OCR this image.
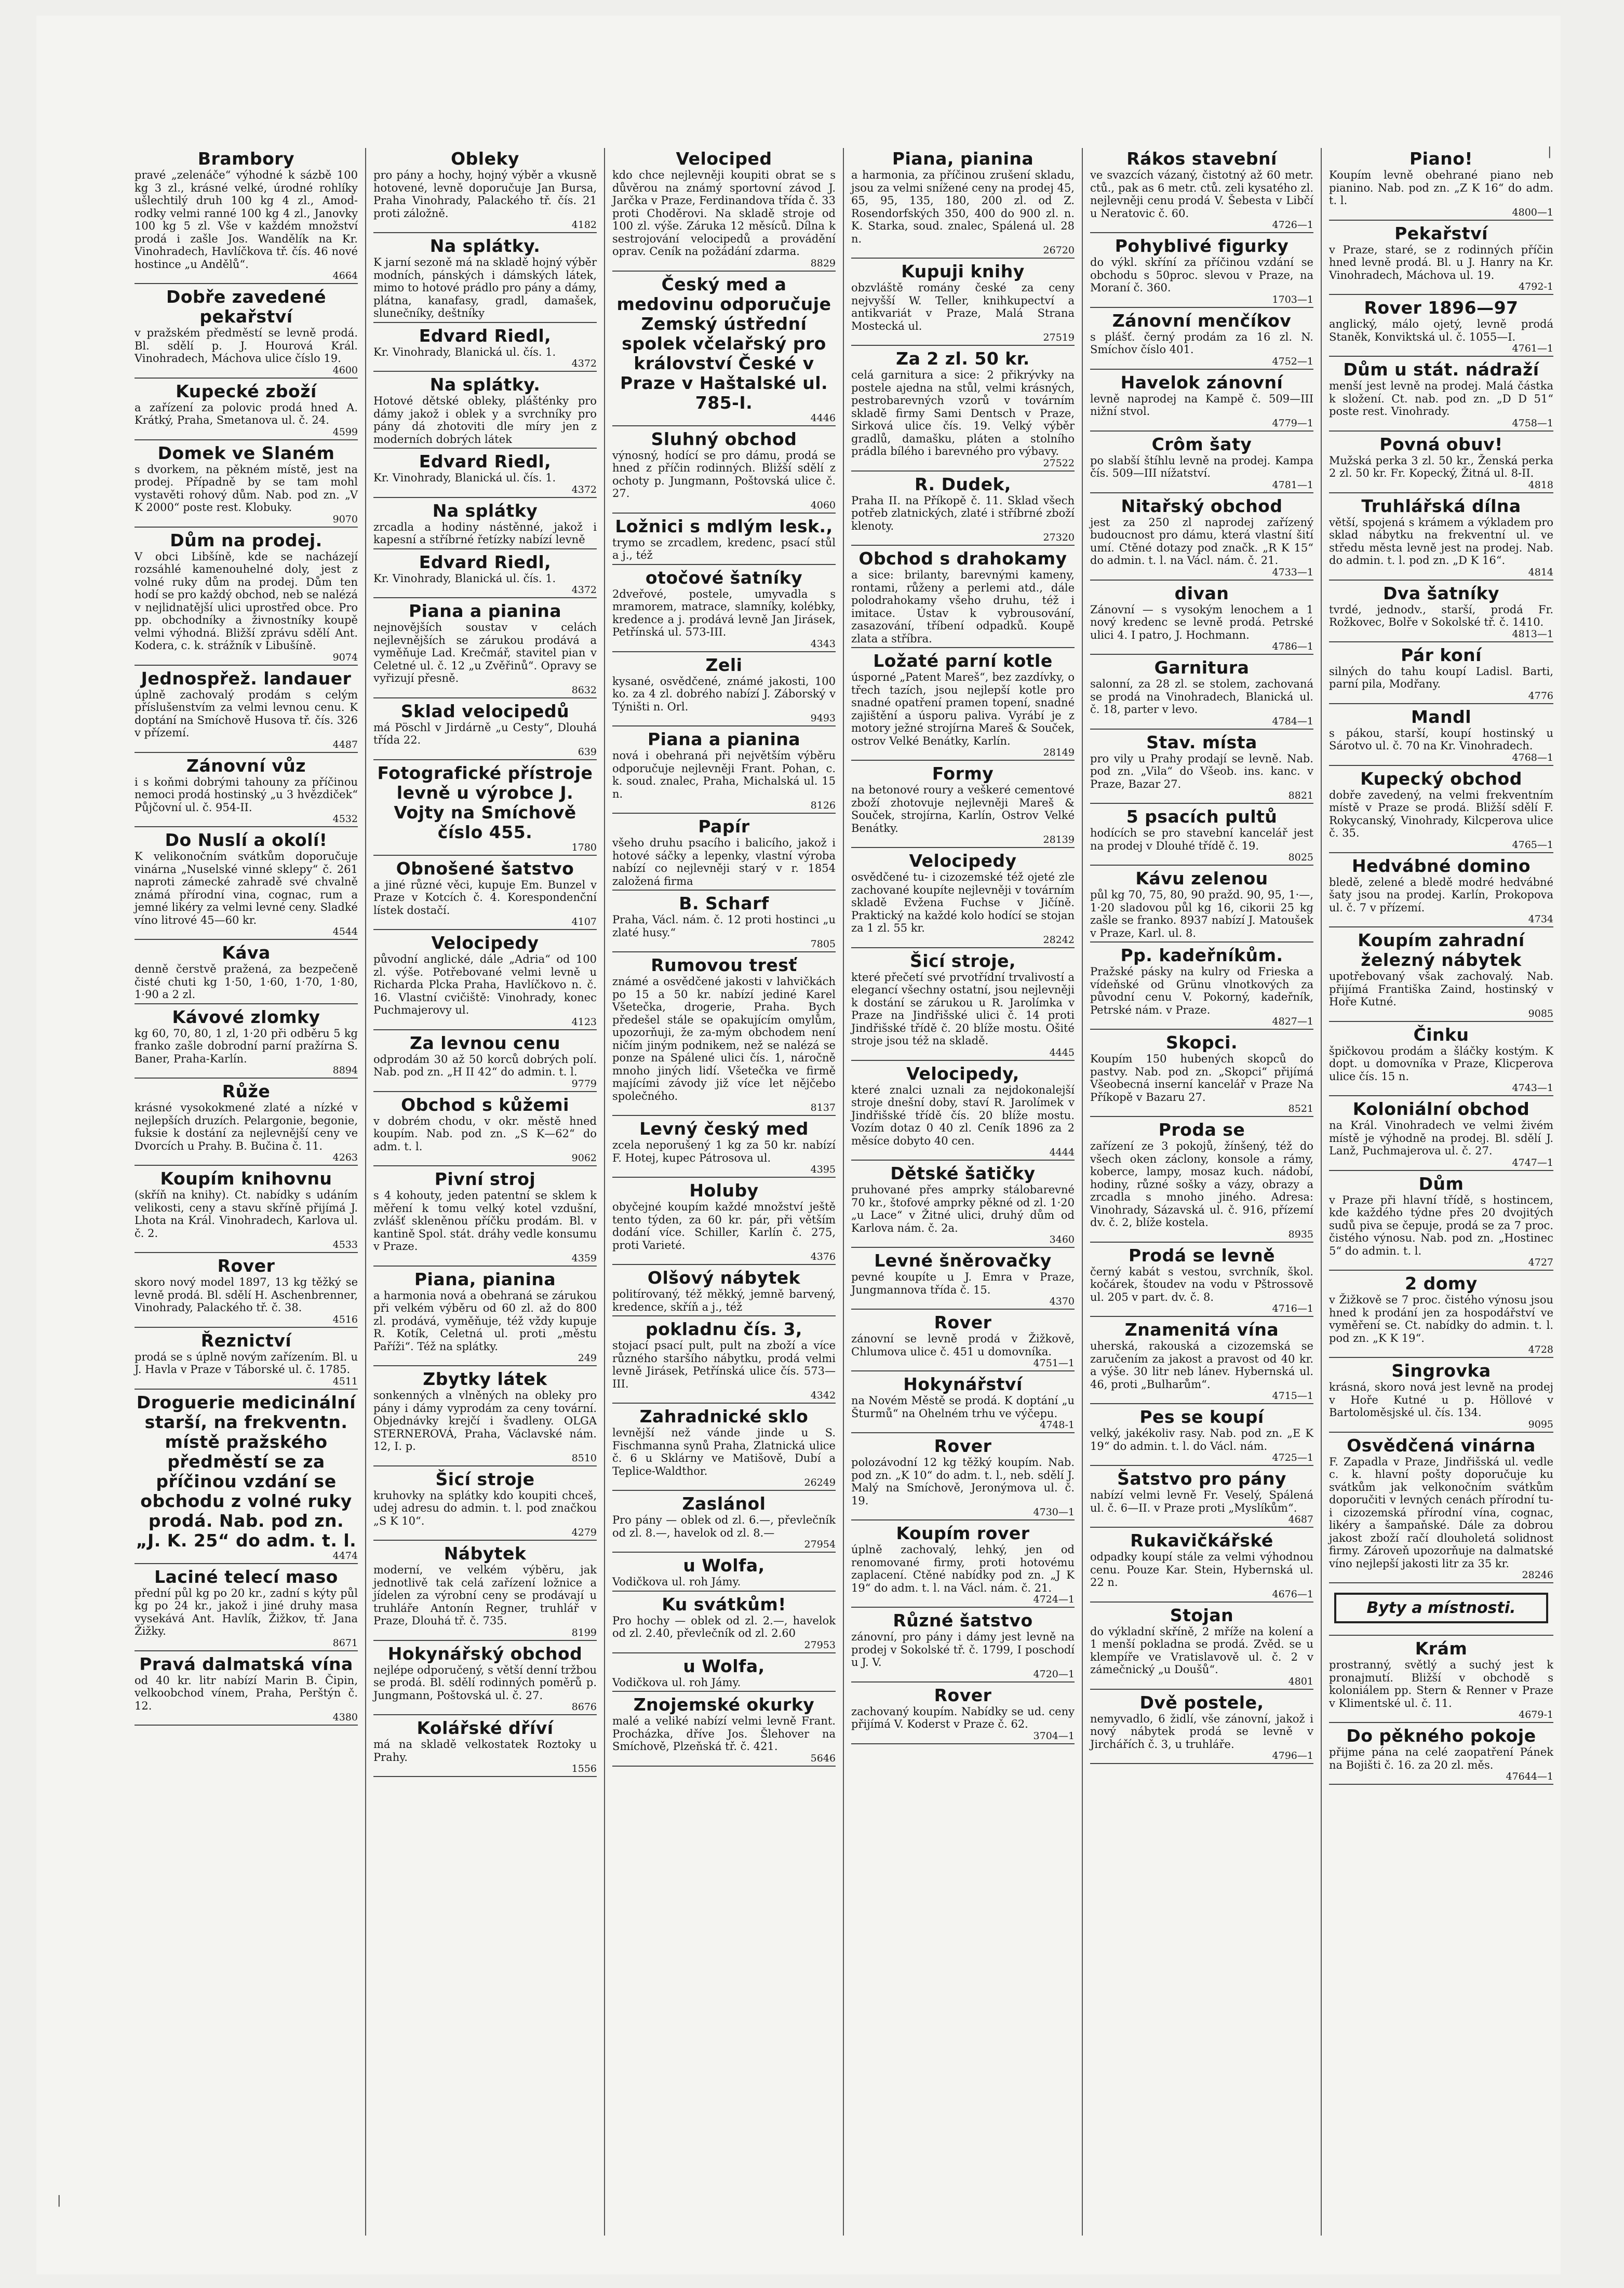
|
|
Brambory

pravé „zelenáče“ výhodné k sázbě 100 kg 3 zl., krásné velké, úrodné rohlíky ušlechtilý druh 100 kg 4 zl., Amod-rodky velmi ranné 100 kg 4 zl., Janovky 100 kg 5 zl. Vše v každém množství prodá i zašle Jos. Wandělík na Kr. Vinohradech, Havlíčkova tř. čís. 46 nové hostince „u Andělů“.

4664
Dobře zavedené pekařství

v pražském předměstí se levně prodá. Bl. sdělí p. J. Hourová Král. Vinohradech, Máchova ulice číslo 19.

4600
Kupecké zboží

a zařízení za polovic prodá hned A. Krátký, Praha, Smetanova ul. č. 24.

4599
Domek ve Slaném

s dvorkem, na pěkném místě, jest na prodej. Případně by se tam mohl vystavěti rohový dům. Nab. pod zn. „V K 2000“ poste rest. Klobuky.

9070
Dům na prodej.

V obci Libšíně, kde se nacházejí rozsáhlé kamenouhelné doly, jest z volné ruky dům na prodej. Dům ten hodí se pro každý obchod, neb se nalézá v nejlidnatější ulici uprostřed obce. Pro pp. obchodníky a živnostníky koupě velmi výhodná. Bližší zprávu sdělí Ant. Kodera, c. k. strážník v Libušíně.

9074
Jednospřež. landauer

úplně zachovalý prodám s celým příslušenstvím za velmi levnou cenu. K doptání na Smíchově Husova tř. čís. 326 v přízemí.

4487
Zánovní vůz

i s koňmi dobrými tahouny za příčinou nemoci prodá hostinský „u 3 hvězdiček“ Půjčovní ul. č. 954-II.

4532
Do Nuslí a okolí!

K velikonočním svátkům doporučuje vinárna „Nuselské vinné sklepy“ č. 261 naproti zámecké zahradě své chvalně známá přírodní vina, cognac, rum a jemné likéry za velmi levné ceny. Sladké víno litrové 45—60 kr.

4544
Káva

denně čerstvě pražená, za bezpečeně čisté chuti kg 1·50, 1·60, 1·70, 1·80, 1·90 a 2 zl.

Kávové zlomky

kg 60, 70, 80, 1 zl, 1·20 při odběru 5 kg franko zašle dobrodní parní pražírna S. Baner, Praha-Karlín.

8894
Růže

krásné vysokokmené zlaté a nízké v nejlepších druzích. Pelargonie, begonie, fuksie k dostání za nejlevnější ceny ve Dvorcích u Prahy. B. Bučina č. 11.

4263
Koupím knihovnu

(skříň na knihy). Ct. nabídky s udáním velikosti, ceny a stavu skříně přijímá J. Lhota na Král. Vinohradech, Karlova ul. č. 2.

4533
Rover

skoro nový model 1897, 13 kg těžký se levně prodá. Bl. sdělí H. Aschenbrenner, Vinohrady, Palackého tř. č. 38.

4516
Řeznictví

prodá se s úplně novým zařízením. Bl. u J. Havla v Praze v Táborské ul. č. 1785.

4511
Droguerie medicinální starší, na frekventn. místě pražského předměstí se za příčinou vzdání se obchodu z volné ruky prodá. Nab. pod zn. „J. K. 25“ do adm. t. l.
4474
Laciné telecí maso

přední půl kg po 20 kr., zadní s kýty půl kg po 24 kr., jakož i jiné druhy masa vysekává Ant. Havlík, Žižkov, tř. Jana Žižky.

8671
Pravá dalmatská vína

od 40 kr. litr nabízí Marin B. Čipin, velkoobchod vínem, Praha, Perštýn č. 12.

4380
Obleky

pro pány a hochy, hojný výběr a vkusně hotovené, levně doporučuje Jan Bursa, Praha Vinohrady, Palackého tř. čís. 21 proti záložně.

4182
Na splátky.

K jarní sezoně má na skladě hojný výběr modních, pánských i dámských látek, mimo to hotové prádlo pro pány a dámy, plátna, kanafasy, gradl, damašek, slunečníky, deštníky

Edvard Riedl,

Kr. Vinohrady, Blanická ul. čís. 1.

4372
Na splátky.

Hotové dětské obleky, plášténky pro dámy jakož i oblek y a svrchníky pro pány dá zhotoviti dle míry jen z moderních dobrých látek

Edvard Riedl,

Kr. Vinohrady, Blanická ul. čís. 1.

4372
Na splátky

zrcadla a hodiny nástěnné, jakož i kapesní a stříbrné řetízky nabízí levně

Edvard Riedl,

Kr. Vinohrady, Blanická ul. čís. 1.

4372
Piana a pianina

nejnovějších soustav v celách nejlevnějších se zárukou prodává a vyměňuje Lad. Krečmář, stavitel pian v Celetné ul. č. 12 „u Zvěřinů“. Opravy se vyřizují přesně.

8632
Sklad velocipedů

má Pöschl v Jirdárně „u Cesty“, Dlouhá třída 22.

639
Fotografické přístroje levně u výrobce J. Vojty na Smíchově číslo 455.
1780
Obnošené šatstvo

a jiné různé věci, kupuje Em. Bunzel v Praze v Kotcích č. 4. Korespondenční lístek dostačí.

4107
Velocipedy

původní anglické, dále „Adria“ od 100 zl. výše. Potřebované velmi levně u Richarda Plcka Praha, Havlíčkovo n. č. 16. Vlastní cvičiště: Vinohrady, konec Puchmajerovy ul.

4123
Za levnou cenu

odprodám 30 až 50 korců dobrých polí. Nab. pod zn. „H II 42“ do admin. t. l.

9779
Obchod s kůžemi

v dobrém chodu, v okr. městě hned koupím. Nab. pod zn. „S K—62“ do adm. t. l.

9062
Pivní stroj

s 4 kohouty, jeden patentní se sklem k měření k tomu velký kotel vzdušní, zvlášť skleněnou příčku prodám. Bl. v kantině Spol. stát. dráhy vedle konsumu v Praze.

4359
Piana, pianina

a harmonia nová a obehraná se zárukou při velkém výběru od 60 zl. až do 800 zl. prodává, vyměňuje, též vždy kupuje R. Kotík, Celetná ul. proti „městu Paříži“. Též na splátky.

249
Zbytky látek

sonkenných a vlněných na obleky pro pány i dámy vyprodám za ceny tovární. Objednávky krejčí i švadleny. OLGA STERNEROVÁ, Praha, Václavské nám. 12, I. p.

8510
Šicí stroje

kruhovky na splátky kdo koupiti chceš, udej adresu do admin. t. l. pod značkou „S K 10“.

4279
Nábytek

moderní, ve velkém výběru, jak jednotlivě tak celá zařízení ložnice a jídelen za výrobní ceny se prodávají u truhláře Antonín Regner, truhlář v Praze, Dlouhá tř. č. 735.

8199
Hokynářský obchod

nejlépe odporučený, s větší denní tržbou se prodá. Bl. sdělí rodinných poměrů p. Jungmann, Poštovská ul. č. 27.

8676
Kolářské dříví

má na skladě velkostatek Roztoky u Prahy.

1556
Velociped

kdo chce nejlevněji koupiti obrat se s důvěrou na známý sportovní závod J. Jarčka v Praze, Ferdinandova třída č. 33 proti Choděrovi. Na skladě stroje od 100 zl. výše. Záruka 12 měsíců. Dílna k sestrojování velocipedů a provádění oprav. Ceník na požádání zdarma.

8829
Český med a medovinu odporučuje Zemský ústřední spolek včelařský pro království České v Praze v Haštalské ul. 785-I.
4446
Sluhný obchod

výnosný, hodící se pro dámu, prodá se hned z příčin rodinných. Bližší sdělí z ochoty p. Jungmann, Poštovská ulice č. 27.

4060
Ložnici s mdlým lesk.,

trymo se zrcadlem, kredenc, psací stůl a j., též

otočové šatníky

2dveřové, postele, umyvadla s mramorem, matrace, slamníky, kolébky, kredence a j. prodává levně Jan Jirásek, Petřínská ul. 573-III.

4343
Zeli

kysané, osvědčené, známé jakosti, 100 ko. za 4 zl. dobrého nabízí J. Záborský v Týništi n. Orl.

9493
Piana a pianina

nová i obehraná při největším výběru odporučuje nejlevněji Frant. Pohan, c. k. soud. znalec, Praha, Michalská ul. 15 n.

8126
Papír

všeho druhu psacího i balicího, jakož i hotové sáčky a lepenky, vlastní výroba nabízí co nejlevněji starý v r. 1854 založená firma

B. Scharf

Praha, Václ. nám. č. 12 proti hostinci „u zlaté husy.“

7805
Rumovou tresť

známé a osvědčené jakosti v lahvičkách po 15 a 50 kr. nabízí jediné Karel Všetečka, drogerie, Praha. Bych předešel stále se opakujícím omylům, upozorňuji, že za-mým obchodem není ničím jiným podnikem, než se nalézá se ponze na Spálené ulici čís. 1, náročně mnoho jiných lidí. Všetečka ve firmě majícími závody již více let nějčebo společného.

8137
Levný český med

zcela neporušený 1 kg za 50 kr. nabízí F. Hotej, kupec Pátrosova ul.

4395
Holuby

obyčejné koupím každé množství ještě tento týden, za 60 kr. pár, při větším dodání více. Schiller, Karlín č. 275, proti Varieté.

4376
Olšový nábytek

politírovaný, též měkký, jemně barvený, kredence, skříň a j., též

pokladnu čís. 3,

stojací psací pult, pult na zboží a více různého staršího nábytku, prodá velmi levně Jirásek, Petřínská ulice čís. 573—III.

4342
Zahradnické sklo

levnější než vánde jinde u S. Fischmanna synů Praha, Zlatnická ulice č. 6 u Sklárny ve Matišově, Dubí a Teplice-Waldthor.

26249
Zaslánol

Pro pány — oblek od zl. 6.—, převlečník od zl. 8.—, havelok od zl. 8.—

27954
u Wolfa,

Vodičkova ul. roh Jámy.

Ku svátkům!

Pro hochy — oblek od zl. 2.—, havelok od zl. 2.40, převlečník od zl. 2.60

27953
u Wolfa,

Vodičkova ul. roh Jámy.

Znojemské okurky

malé a veliké nabízí velmi levně Frant. Procházka, dříve Jos. Šlehover na Smíchově, Plzeňská tř. č. 421.

5646
Piana, pianina

a harmonia, za příčinou zrušení skladu, jsou za velmi snížené ceny na prodej 45, 65, 95, 135, 180, 200 zl. od Z. Rosendorfských 350, 400 do 900 zl. n. K. Starka, soud. znalec, Spálená ul. 28 n.

26720
Kupuji knihy

obzvláště romány české za ceny nejvyšší W. Teller, knihkupectví a antikvariát v Praze, Malá Strana Mostecká ul.

27519
Za 2 zl. 50 kr.

celá garnitura a sice: 2 přikrývky na postele ajedna na stůl, velmi krásných, pestrobarevných vzorů v továrním skladě firmy Sami Dentsch v Praze, Sirková ulice čís. 19. Velký výběr gradlů, damašku, pláten a stolního prádla bílého i barevného pro výbavy.

27522
R. Dudek,

Praha II. na Příkopě č. 11. Sklad všech potřeb zlatnických, zlaté i stříbrné zboží klenoty.

27320
Obchod s drahokamy

a sice: brilanty, barevnými kameny, rontami, růženy a perlemi atd., dále polodrahokamy všeho druhu, též i imitace. Ústav k vybrousování, zasazování, tříbení odpadků. Koupě zlata a stříbra.

Ložaté parní kotle

úsporné „Patent Mareš“, bez zazdívky, o třech tazích, jsou nejlepší kotle pro snadné opatření pramen topení, snadné zajištění a úsporu paliva. Vyrábí je z motory ježné strojírna Mareš & Souček, ostrov Velké Benátky, Karlín.

28149
Formy

na betonové roury a veškeré cementové zboží zhotovuje nejlevněji Mareš & Souček, strojírna, Karlín, Ostrov Velké Benátky.

28139
Velocipedy

osvědčené tu- i cizozemské též ojeté zle zachované koupíte nejlevněji v továrním skladě Evžena Fuchse v Jičíně. Praktický na každé kolo hodící se stojan za 1 zl. 55 kr.

28242
Šicí stroje,

které přečetí své prvotřídní trvalivostí a elegancí všechny ostatní, jsou nejlevněji k dostání se zárukou u R. Jarolímka v Praze na Jindřišské ulici č. 14 proti Jindřišské třídě č. 20 blíže mostu. Ošité stroje jsou též na skladě.

4445
Velocipedy,

které znalci uznali za nejdokonalejší stroje dnešní doby, staví R. Jarolímek v Jindřišské třídě čís. 20 blíže mostu. Vozím dotaz 0 40 zl. Ceník 1896 za 2 měsíce dobyto 40 cen.

4444
Dětské šatičky

pruhované přes amprky stálobarevné 70 kr., štofové amprky pěkné od zl. 1·20 „u Lace“ v Žitné ulici, druhý dům od Karlova nám. č. 2a.

3460
Levné šněrovačky

pevné koupíte u J. Emra v Praze, Jungmannova třída č. 15.

4370
Rover

zánovní se levně prodá v Žižkově, Chlumova ulice č. 451 u domovníka.

4751—1
Hokynářství

na Novém Městě se prodá. K doptání „u Šturmů“ na Ohelném trhu ve výčepu.

4748-1
Rover

polozávodní 12 kg těžký koupím. Nab. pod zn. „K 10“ do adm. t. l., neb. sdělí J. Malý na Smíchově, Jeronýmova ul. č. 19.

4730—1
Koupím rover

úplně zachovalý, lehký, jen od renomované firmy, proti hotovému zaplacení. Ctěné nabídky pod zn. „J K 19“ do adm. t. l. na Václ. nám. č. 21.

4724—1
Různé šatstvo

zánovní, pro pány i dámy jest levně na prodej v Sokolské tř. č. 1799, I poschodí u J. V.

4720—1
Rover

zachovaný koupím. Nabídky se ud. ceny přijímá V. Koderst v Praze č. 62.

3704—1
Rákos stavební

ve svazcích vázaný, čistotný až 60 metr. ctů., pak as 6 metr. ctů. zeli kysatého zl. nejlevněji cenu prodá V. Šebesta v Libčí u Neratovic č. 60.

4726—1
Pohyblivé figurky

do výkl. skříní za příčinou vzdání se obchodu s 50proc. slevou v Praze, na Moraní č. 360.

1703—1
Zánovní menčíkov

s plášť. černý prodám za 16 zl. N. Smíchov číslo 401.

4752—1
Havelok zánovní

levně naprodej na Kampě č. 509—III nižní stvol.

4779—1
Crôm šaty

po slabší štíhlu levně na prodej. Kampa čís. 509—III nížatství.

4781—1
Nitařský obchod

jest za 250 zl naprodej zařízený budoucnost pro dámu, která vlastní šití umí. Ctěné dotazy pod značk. „R K 15“ do admin. t. l. na Václ. nám. č. 21.

4733—1
divan

Zánovní — s vysokým lenochem a 1 nový kredenc se levně prodá. Petrské ulici 4. I patro, J. Hochmann.

4786—1
Garnitura

salonní, za 28 zl. se stolem, zachovaná se prodá na Vinohradech, Blanická ul. č. 18, parter v levo.

4784—1
Stav. místa

pro vily u Prahy prodají se levně. Nab. pod zn. „Vila“ do Všeob. ins. kanc. v Praze, Bazar 27.

8821
5 psacích pultů

hodících se pro stavební kancelář jest na prodej v Dlouhé třídě č. 19.

8025
Kávu zelenou

půl kg 70, 75, 80, 90 pražd. 90, 95, 1·—, 1·20 sladovou půl kg 16, cikorii 25 kg zašle se franko. 8937 nabízí J. Matoušek v Praze, Karl. ul. 8.

Pp. kadeřníkům.

Pražské pásky na kulry od Frieska a vídeňské od Grünu vlnotkových za původní cenu V. Pokorný, kadeřník, Petrské nám. v Praze.

4827—1
Skopci.

Koupím 150 hubených skopců do pastvy. Nab. pod zn. „Skopci“ přijímá Všeobecná inserní kancelář v Praze Na Příkopě v Bazaru 27.

8521
Proda se

zařízení ze 3 pokojů, žínšený, též do všech oken záclony, konsole a rámy, koberce, lampy, mosaz kuch. nádobí, hodiny, různé sošky a vázy, obrazy a zrcadla s mnoho jiného. Adresa: Vinohrady, Sázavská ul. č. 916, přízemí dv. č. 2, blíže kostela.

8935
Prodá se levně

černý kabát s vestou, svrchník, škol. kočárek, štoudev na vodu v Pštrossově ul. 205 v part. dv. č. 8.

4716—1
Znamenitá vína

uherská, rakouská a cizozemská se zaručením za jakost a pravost od 40 kr. a výše. 30 litr neb lánev. Hybernská ul. 46, proti „Bulharům“.

4715—1
Pes se koupí

velký, jakékoliv rasy. Nab. pod zn. „E K 19“ do admin. t. l. do Václ. nám.

4725—1
Šatstvo pro pány

nabízí velmi levně Fr. Veselý, Spálená ul. č. 6—II. v Praze proti „Myslíkům“.

4687
Rukavičkářské

odpadky koupí stále za velmi výhodnou cenu. Pouze Kar. Stein, Hybernská ul. 22 n.

4676—1
Stojan

do výkladní skříně, 2 mříže na kolení a 1 menší pokladna se prodá. Zvěd. se u klempíře ve Vratislavově ul. č. 2 v zámečnický „u Doušů“.

4801
Dvě postele,

nemyvadlo, 6 židlí, vše zánovní, jakož i nový nábytek prodá se levně v Jirchářích č. 3, u truhláře.

4796—1
Piano!

Koupím levně obehrané piano neb pianino. Nab. pod zn. „Z K 16“ do adm. t. l.

4800—1
Pekařství

v Praze, staré, se z rodinných příčin hned levně prodá. Bl. u J. Hanry na Kr. Vinohradech, Máchova ul. 19.

4792-1
Rover 1896—97

anglický, málo ojetý, levně prodá Staněk, Konviktská ul. č. 1055—I.

4761—1
Dům u stát. nádraží

menší jest levně na prodej. Malá částka k složení. Ct. nab. pod zn. „D D 51“ poste rest. Vinohrady.

4758—1
Povná obuv!

Mužská perka 3 zl. 50 kr., Ženská perka 2 zl. 50 kr. Fr. Kopecký, Žitná ul. 8-II.

4818
Truhlářská dílna

větší, spojená s krámem a výkladem pro sklad nábytku na frekventní ul. ve středu města levně jest na prodej. Nab. do admin. t. l. pod zn. „D K 16“.

4814
Dva šatníky

tvrdé, jednodv., starší, prodá Fr. Rožkovec, Bolře v Sokolské tř. č. 1410.

4813—1
Pár koní

silných do tahu koupí Ladisl. Barti, parní pila, Modřany.

4776
Mandl

s pákou, starší, koupí hostinský u Sárotvo ul. č. 70 na Kr. Vinohradech.

4768—1
Kupecký obchod

dobře zavedený, na velmi frekventním místě v Praze se prodá. Bližší sdělí F. Rokycanský, Vinohrady, Kilcperova ulice č. 35.

4765—1
Hedvábné domino

bledě, zelené a bledě modré hedvábné šaty jsou na prodej. Karlín, Prokopova ul. č. 7 v přízemí.

4734
Koupím zahradní železný nábytek

upotřebovaný však zachovalý. Nab. přijímá Františka Zaind, hostinský v Hoře Kutné.

9085
Činku

špičkovou prodám a šláčky kostým. K dopt. u domovníka v Praze, Klicperova ulice čís. 15 n.

4743—1
Koloniální obchod

na Král. Vinohradech ve velmi živém místě je výhodně na prodej. Bl. sdělí J. Lanž, Puchmajerova ul. č. 27.

4747—1
Dům

v Praze při hlavní třídě, s hostincem, kde každého týdne přes 20 dvojitých sudů piva se čepuje, prodá se za 7 proc. čistého výnosu. Nab. pod zn. „Hostinec 5“ do admin. t. l.

4727
2 domy

v Žižkově se 7 proc. čistého výnosu jsou hned k prodání jen za hospodářství ve vyměření se. Ct. nabídky do admin. t. l. pod zn. „K K 19“.

4728
Singrovka

krásná, skoro nová jest levně na prodej v Hoře Kutné u p. Höllové v Bartoloměsjské ul. čís. 134.

9095
Osvědčená vinárna

F. Zapadla v Praze, Jindřišská ul. vedle c. k. hlavní pošty doporučuje ku svátkům jak velkonočním svátkům doporučiti v levných cenách přírodní tu- i cizozemská přírodní vína, cognac, likéry a šampaňské. Dále za dobrou jakost zboží račí dlouholetá solidnost firmy. Zároveň upozorňuje na dalmatské víno nejlepší jakosti litr za 35 kr.

28246
Byty a místnosti.
Krám

prostranný, světlý a suchý jest k pronajmutí. Bližší v obchodě s koloniálem pp. Stern & Renner v Praze v Klimentské ul. č. 11.

4679-1
Do pěkného pokoje

přijme pána na celé zaopatření Pánek na Bojišti č. 16. za 20 zl. měs.

47644—1
